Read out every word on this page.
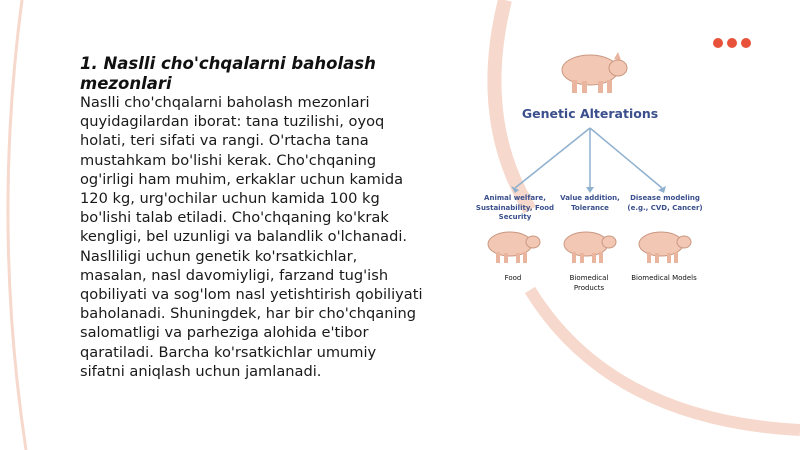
1. Naslli cho'chqalarni baholash mezonlari

Naslli cho'chqalarni baholash mezonlari quyidagilardan iborat: tana tuzilishi, oyoq holati, teri sifati va rangi. O'rtacha tana mustahkam bo'lishi kerak. Cho'chqaning og'irligi ham muhim, erkaklar uchun kamida 120 kg, urg'ochilar uchun kamida 100 kg bo'lishi talab etiladi. Cho'chqaning ko'krak kengligi, bel uzunligi va balandlik o'lchanadi. Naslliligi uchun genetik ko'rsatkichlar, masalan, nasl davomiyligi, farzand tug'ish qobiliyati va sog'lom nasl yetishtirish qobiliyati baholanadi. Shuningdek, har bir cho'chqaning salomatligi va parheziga alohida e'tibor qaratiladi. Barcha ko'rsatkichlar umumiy sifatni aniqlash uchun jamlanadi.

Genetic Alterations
Animal welfare, Sustainability, Food Security
Value addition, Tolerance
Disease modeling (e.g., CVD, Cancer)
Food	Biomedical Products
Biomedical Models
